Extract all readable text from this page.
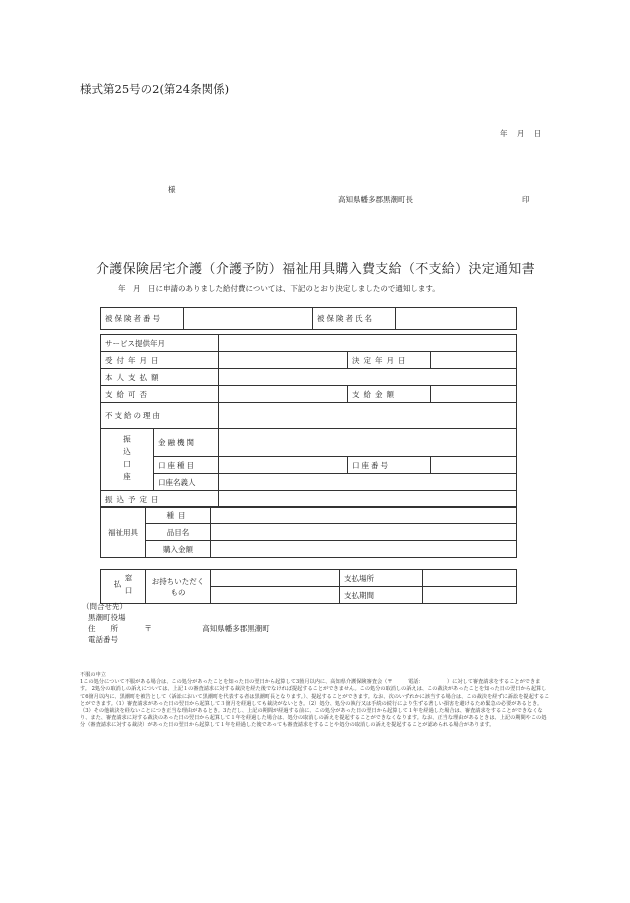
様式第25号の2(第24条関係)
年 月 日
様
高知県幡多郡黒潮町長	印
介護保険居宅介護（介護予防）福祉用具購入費支給（不支給）決定通知書
年　月　日に申請のありました給付費については、下記のとおり決定しましたので通知します。
被保険者番号		被保険者氏名	
サービス提供年月				
受付年月日			決定年月日	
本人支払額				
支給可否			支給金額	
不支給の理由				
振込口座	金融機関			
	口座種目		口座番号	
	口座名義人			
振込予定日				
福祉用具	種目			
	品目名			
	購入金額			

窓口払	お持ちいただくもの		支払場所	
			支払期間	
（問合せ先）
黒潮町役場
住　　所	〒	高知県幡多郡黒潮町
電話番号

不服の申立

1この処分について不服がある場合は、この処分があったことを知った日の翌日から起算して3箇月以内に、高知県介護保険審査会（〒　　　電話：　　　　　）に対して審査請求をすることができます。 2処分の取消しの訴えについては、上記１の審査請求に対する裁決を経た後でなければ提起することができません。この処分の取消しの訴えは、この裁決があったことを知った日の翌日から起算して6箇月以内に、黒潮町を被告として（訴訟において黒潮町を代表する者は黒潮町長となります。）、提起することができます。なお、次のいずれかに該当する場合は、この裁決を経ずに訴訟を提起することができます。（1）審査請求があった日の翌日から起算して３箇月を経過しても裁決がないとき。（2）処分、処分の執行又は手続の続行により生ずる著しい損害を避けるため緊急の必要があるとき。（3）その他裁決を経ないことにつき正当な理由があるとき。3ただし、上記の期間が経過する前に、この処分があった日の翌日から起算して１年を経過した場合は、審査請求をすることができなくなり、また、審査請求に対する裁決のあった日の翌日から起算して１年を経過した場合は、処分の取消しの訴えを提起することができなくなります。なお、正当な理由があるときは、上記の期間やこの処分（審査請求に対する裁決）があった日の翌日から起算して１年を経過した後であっても審査請求をすることや処分の取消しの訴えを提起することが認められる場合があります。
